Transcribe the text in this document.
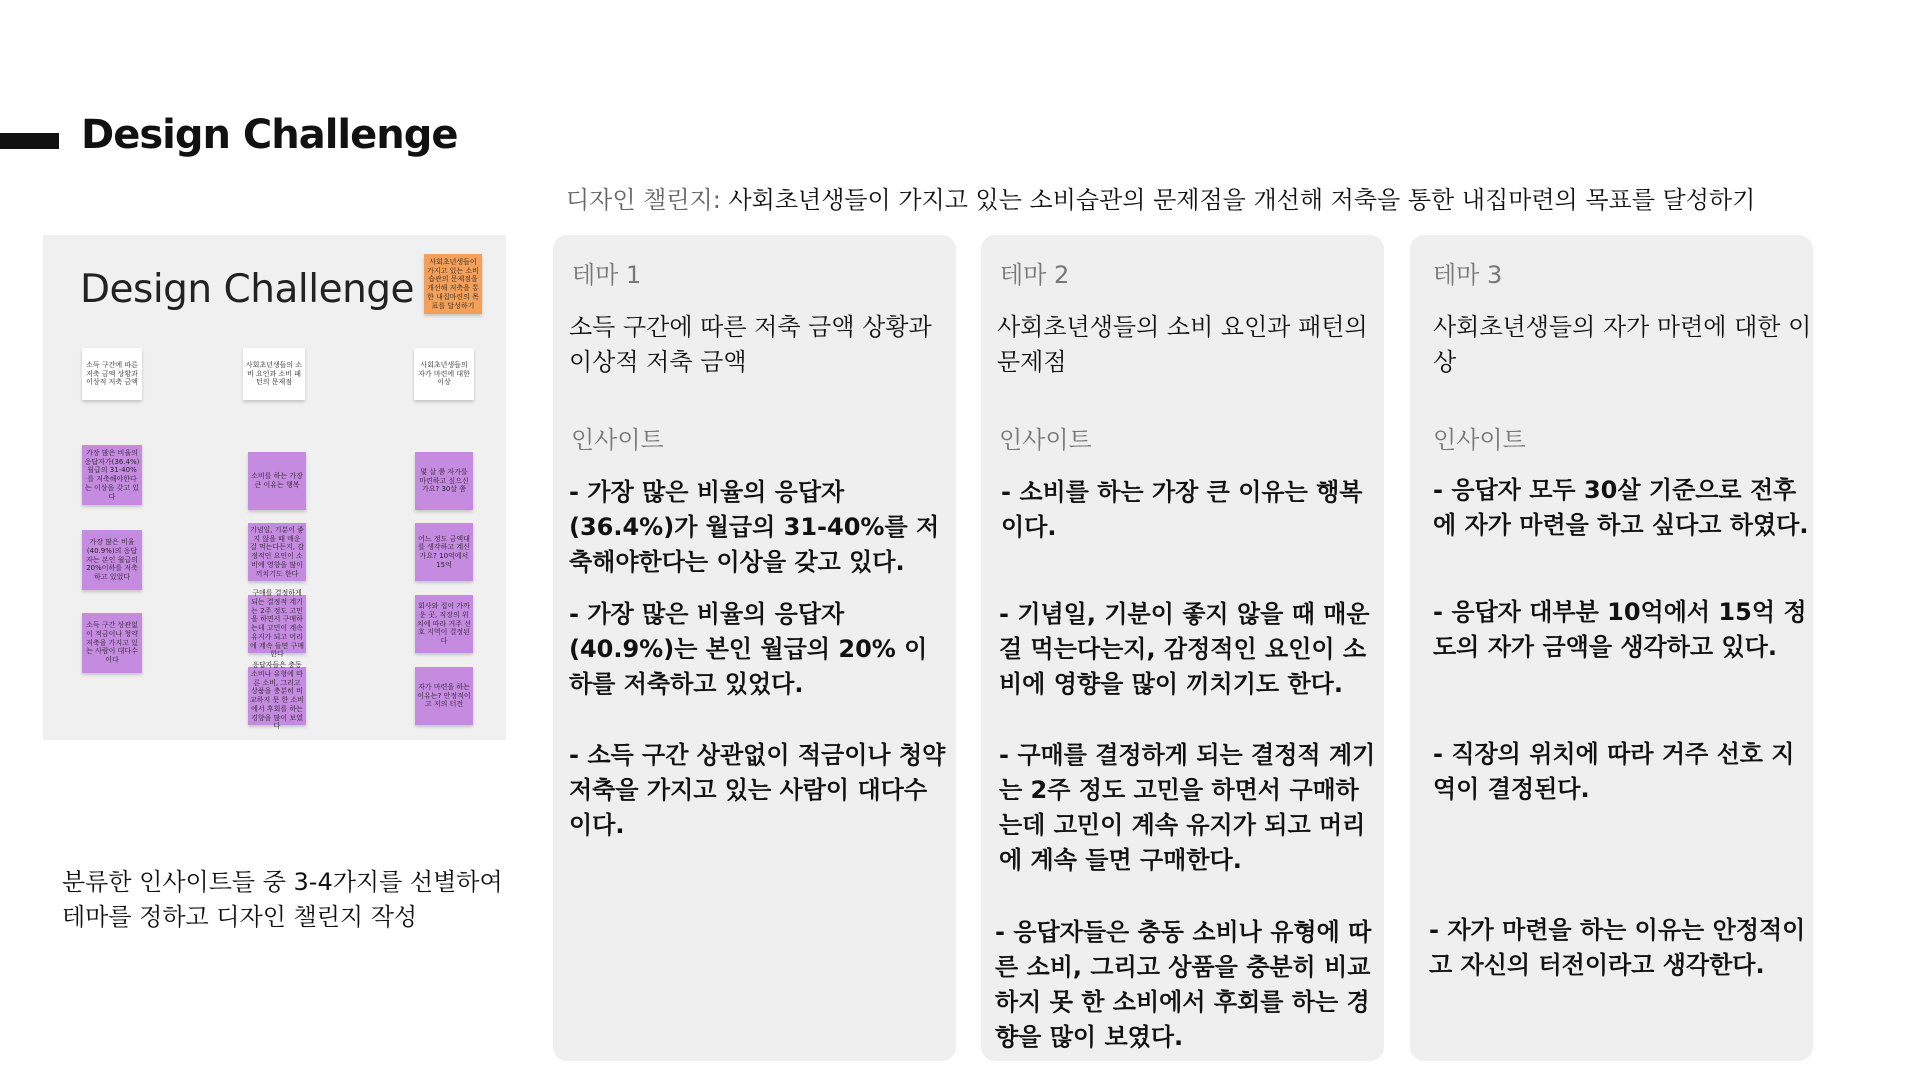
Design Challenge
디자인 챌린지: 사회초년생들이 가지고 있는 소비습관의 문제점을 개선해 저축을 통한 내집마련의 목표를 달성하기
Design Challenge
사회초년생들이 가지고 있는 소비습관의 문제점을 개선해 저축을 통한 내집마련의 목표를 달성하기
소득 구간에 따른 저축 금액 상황과 이상적 저축 금액
사회초년생들의 소비 요인과 소비 패턴의 문제점
사회초년생들의 자가 마련에 대한 이상
가장 많은 비율의 응답자가(36.4%) 월급의 31-40%를 저축해야한다는 이상을 갖고 있다
가장 많은 비율(40.9%)의 응답자는 본인 월급의 20%이하를 저축하고 있었다
소득 구간 상관없이 적금이나 청약저축을 가지고 있는 사람이 대다수이다
소비를 하는 가장 큰 이유는 행복
기념일, 기분이 좋지 않을 때 매운 걸 먹는다든지, 감정적인 요인이 소비에 영향을 많이 끼치기도 한다
구매를 결정하게 되는 결정적 계기는 2주 정도 고민을 하면서 구매하는데 고민이 계속 유지가 되고 머리에 계속 들면 구매한다
응답자들은 충동 소비나 유형에 따른 소비, 그리고 상품을 충분히 비교하지 못 한 소비에서 후회를 하는 경향을 많이 보였다
몇 살 쯤 자가를 마련하고 싶으신가요? 30살 쯤
어느 정도 금액대를 생각하고 계신가요? 10억에서 15억
회사와 집이 가까운 곳, 직장의 위치에 따라 거주 선호 지역이 결정된다
자가 마련을 하는 이유는? 안정적이고 저의 터전
분류한 인사이트들 중 3-4가지를 선별하여
테마를 정하고 디자인 챌린지 작성
테마 1
소득 구간에 따른 저축 금액 상황과 이상적 저축 금액
인사이트
- 가장 많은 비율의 응답자(36.4%)가 월급의 31-40%를 저축해야한다는 이상을 갖고 있다.
- 가장 많은 비율의 응답자(40.9%)는 본인 월급의 20% 이하를 저축하고 있었다.
- 소득 구간 상관없이 적금이나 청약 저축을 가지고 있는 사람이 대다수이다.
테마 2
사회초년생들의 소비 요인과 패턴의 문제점
인사이트
- 소비를 하는 가장 큰 이유는 행복이다.
- 기념일, 기분이 좋지 않을 때 매운 걸 먹는다는지, 감정적인 요인이 소비에 영향을 많이 끼치기도 한다.
- 구매를 결정하게 되는 결정적 계기는 2주 정도 고민을 하면서 구매하는데 고민이 계속 유지가 되고 머리에 계속 들면 구매한다.
- 응답자들은 충동 소비나 유형에 따른 소비, 그리고 상품을 충분히 비교하지 못 한 소비에서 후회를 하는 경향을 많이 보였다.
테마 3
사회초년생들의 자가 마련에 대한 이상
인사이트
- 응답자 모두 30살 기준으로 전후에 자가 마련을 하고 싶다고 하였다.
- 응답자 대부분 10억에서 15억 정도의 자가 금액을 생각하고 있다.
- 직장의 위치에 따라 거주 선호 지역이 결정된다.
- 자가 마련을 하는 이유는 안정적이고 자신의 터전이라고 생각한다.
